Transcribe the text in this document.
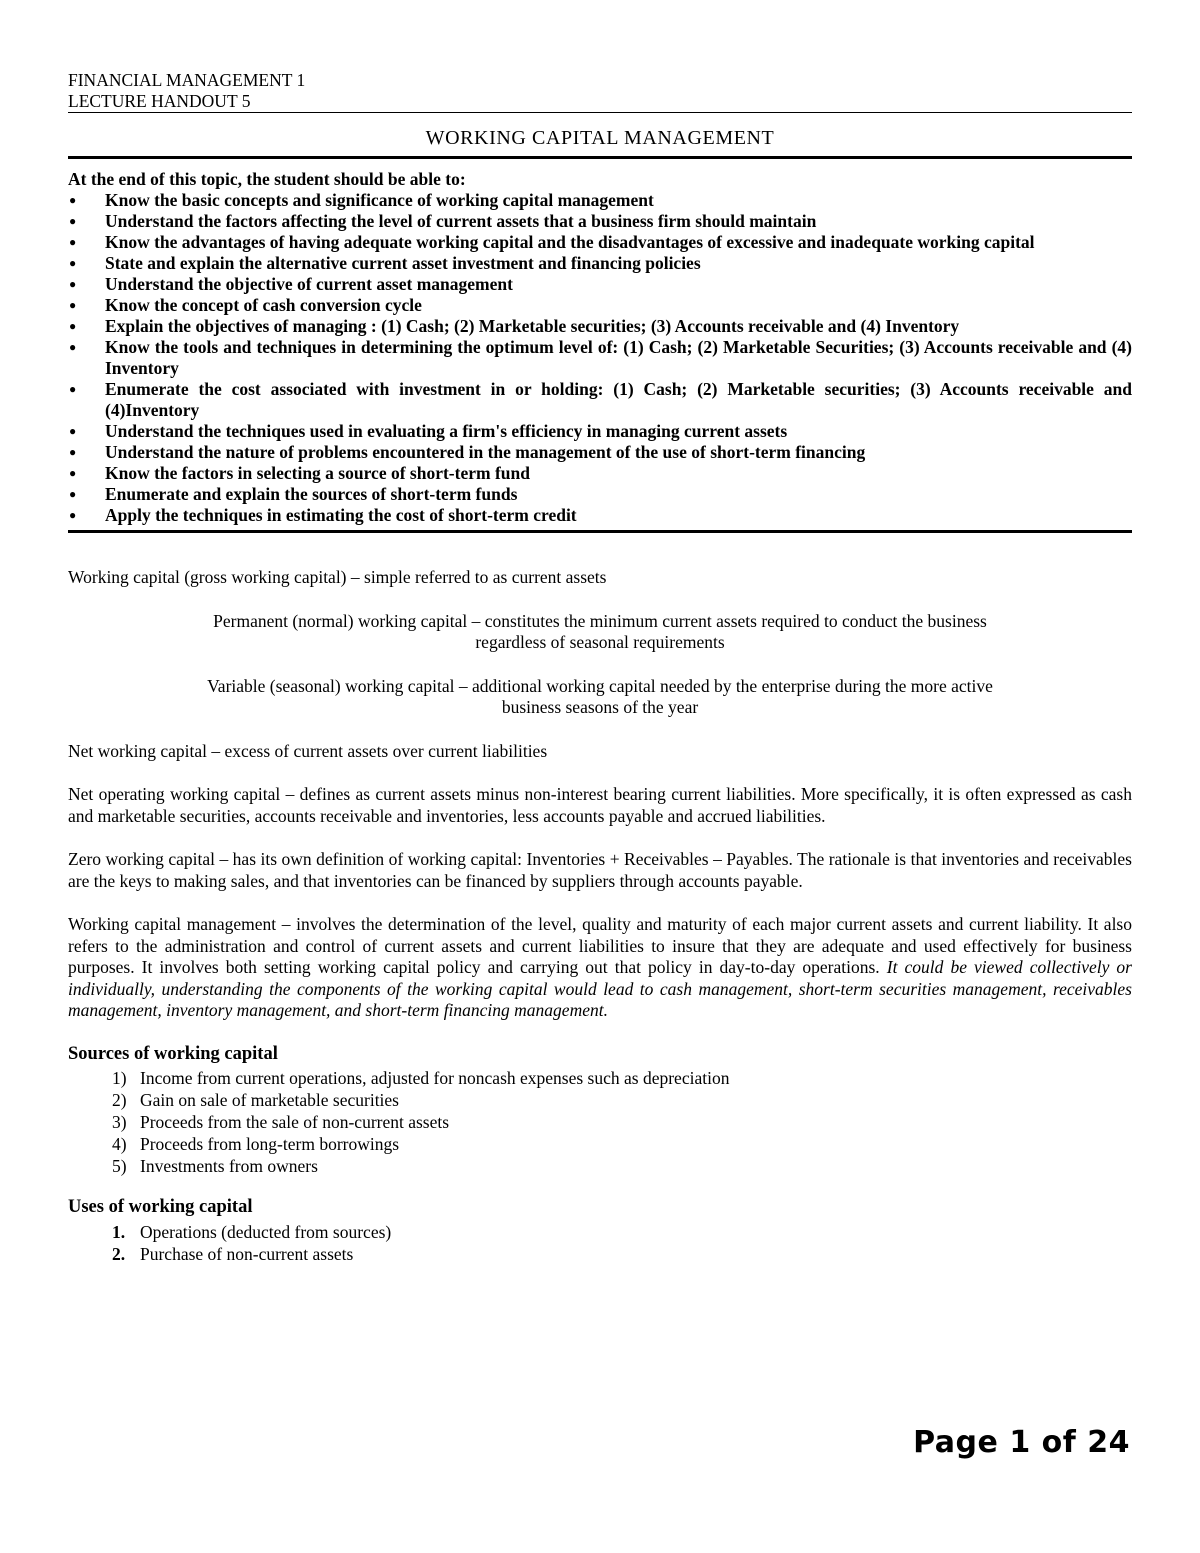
FINANCIAL MANAGEMENT 1
LECTURE HANDOUT 5
WORKING CAPITAL MANAGEMENT
At the end of this topic, the student should be able to:
● Know the basic concepts and significance of working capital management
● Understand the factors affecting the level of current assets that a business firm should maintain
● Know the advantages of having adequate working capital and the disadvantages of excessive and inadequate working capital
● State and explain the alternative current asset investment and financing policies
● Understand the objective of current asset management
● Know the concept of cash conversion cycle
● Explain the objectives of managing : (1) Cash; (2) Marketable securities; (3) Accounts receivable and (4) Inventory
● Know the tools and techniques in determining the optimum level of: (1) Cash; (2) Marketable Securities; (3) Accounts receivable and (4) Inventory
● Enumerate the cost associated with investment in or holding: (1) Cash; (2) Marketable securities; (3) Accounts receivable and (4)Inventory
● Understand the techniques used in evaluating a firm's efficiency in managing current assets
● Understand the nature of problems encountered in the management of the use of short-term financing
● Know the factors in selecting a source of short-term fund
● Enumerate and explain the sources of short-term funds
● Apply the techniques in estimating the cost of short-term credit

Working capital (gross working capital) – simple referred to as current assets

Permanent (normal) working capital – constitutes the minimum current assets required to conduct the business
regardless of seasonal requirements

Variable (seasonal) working capital – additional working capital needed by the enterprise during the more active
business seasons of the year

Net working capital – excess of current assets over current liabilities

Net operating working capital – defines as current assets minus non-interest bearing current liabilities. More specifically, it is often expressed as cash and marketable securities, accounts receivable and inventories, less accounts payable and accrued liabilities.

Zero working capital – has its own definition of working capital: Inventories + Receivables – Payables. The rationale is that inventories and receivables are the keys to making sales, and that inventories can be financed by suppliers through accounts payable.

Working capital management – involves the determination of the level, quality and maturity of each major current assets and current liability. It also refers to the administration and control of current assets and current liabilities to insure that they are adequate and used effectively for business purposes. It involves both setting working capital policy and carrying out that policy in day-to-day operations. It could be viewed collectively or individually, understanding the components of the working capital would lead to cash management, short-term securities management, receivables management, inventory management, and short-term financing management.

Sources of working capital
1) Income from current operations, adjusted for noncash expenses such as depreciation
2) Gain on sale of marketable securities
3) Proceeds from the sale of non-current assets
4) Proceeds from long-term borrowings
5) Investments from owners
Uses of working capital
1. Operations (deducted from sources)
2. Purchase of non-current assets
Page 1 of 24
